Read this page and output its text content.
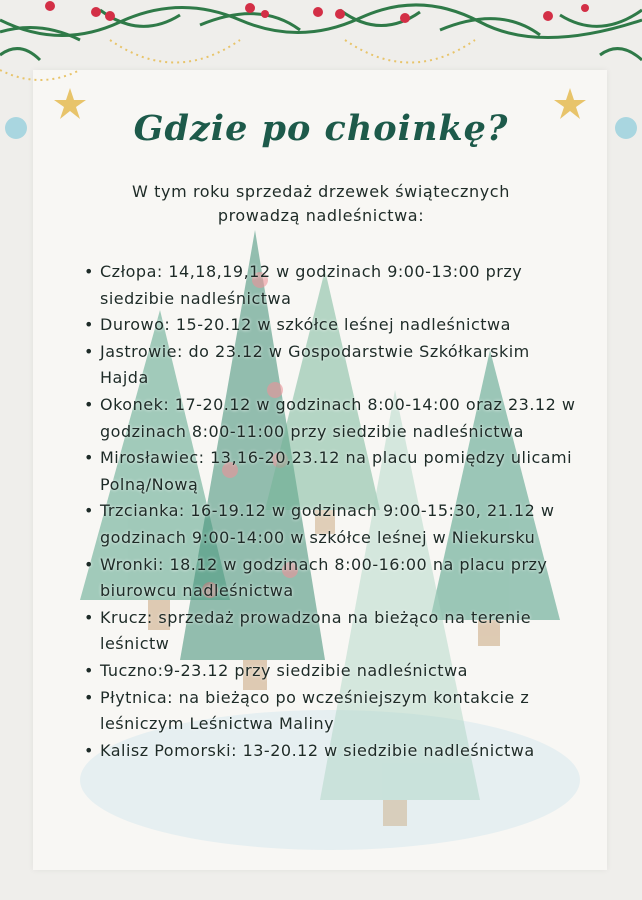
Gdzie po choinkę?

W tym roku sprzedaż drzewek świątecznych prowadzą nadleśnictwa:

• Człopa: 14,18,19,12 w godzinach 9:00-13:00 przy siedzibie nadleśnictwa
• Durowo: 15-20.12 w szkółce leśnej nadleśnictwa
• Jastrowie: do 23.12 w Gospodarstwie Szkółkarskim Hajda
• Okonek: 17-20.12 w godzinach 8:00-14:00 oraz 23.12 w godzinach 8:00-11:00 przy siedzibie nadleśnictwa
• Mirosławiec: 13,16-20,23.12 na placu pomiędzy ulicami Polną/Nową
• Trzcianka: 16-19.12 w godzinach 9:00-15:30, 21.12 w godzinach 9:00-14:00 w szkółce leśnej w Niekursku
• Wronki: 18.12 w godzinach 8:00-16:00 na placu przy biurowcu nadleśnictwa
• Krucz: sprzedaż prowadzona na bieżąco na terenie leśnictw
• Tuczno:9-23.12 przy siedzibie nadleśnictwa
• Płytnica: na bieżąco po wcześniejszym kontakcie z leśniczym Leśnictwa Maliny
• Kalisz Pomorski: 13-20.12 w siedzibie nadleśnictwa
